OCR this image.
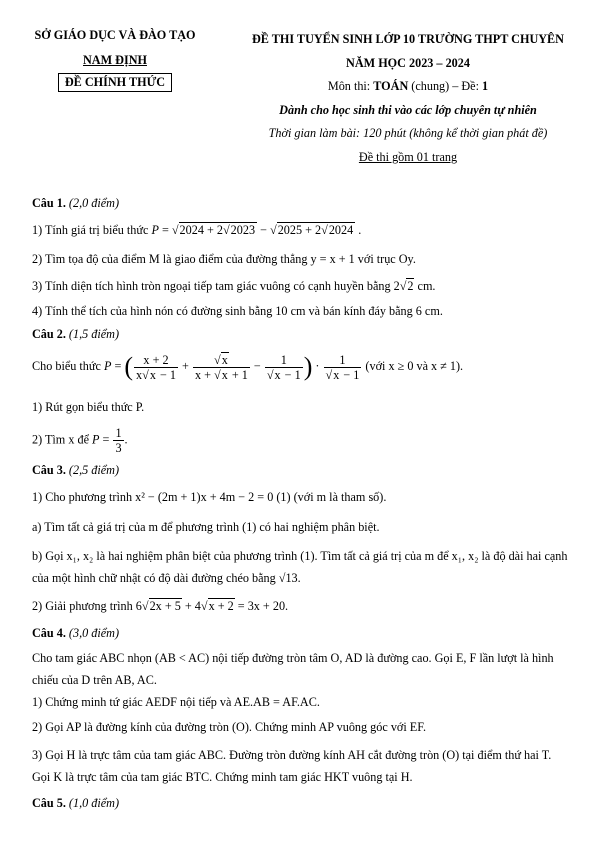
SỞ GIÁO DỤC VÀ ĐÀO TẠO
NAM ĐỊNH
ĐỀ CHÍNH THỨC
ĐỀ THI TUYỂN SINH LỚP 10 TRƯỜNG THPT CHUYÊN
NĂM HỌC 2023 – 2024
Môn thi: TOÁN (chung) – Đề: 1
Dành cho học sinh thi vào các lớp chuyên tự nhiên
Thời gian làm bài: 120 phút (không kể thời gian phát đề)
Đề thi gồm 01 trang
Câu 1. (2,0 điểm)
1) Tính giá trị biểu thức P = √2024 + 2√2023 − √2025 + 2√2024 .
2) Tìm tọa độ của điểm M là giao điểm của đường thẳng y = x + 1 với trục Oy.
3) Tính diện tích hình tròn ngoại tiếp tam giác vuông có cạnh huyền bằng 2√2 cm.
4) Tính thể tích của hình nón có đường sinh bằng 10 cm và bán kính đáy bằng 6 cm.
Câu 2. (1,5 điểm)
Cho biểu thức P = ( $\frac{x + 2}{x√x - 1} + \frac{√x}{x + √x + 1} - \frac{1}{√x - 1}$ ) · $\frac{1}{√x - 1}$ (với x ≥ 0 và x ≠ 1).
1) Rút gọn biểu thức P.
2) Tìm x để $P = \frac{1}{3}$ .
Câu 3. (2,5 điểm)
1) Cho phương trình x² − (2m + 1)x + 4m − 2 = 0 (1) (với m là tham số).
a) Tìm tất cả giá trị của m để phương trình (1) có hai nghiệm phân biệt.
b) Gọi x₁, x₂ là hai nghiệm phân biệt của phương trình (1). Tìm tất cả giá trị của m để x₁, x₂ là độ dài hai cạnh của một hình chữ nhật có độ dài đường chéo bằng √13.
2) Giải phương trình 6√2x + 5 + 4√x + 2 = 3x + 20.
Câu 4. (3,0 điểm)
Cho tam giác ABC nhọn (AB < AC) nội tiếp đường tròn tâm O, AD là đường cao. Gọi E, F lần lượt là hình chiếu của D trên AB, AC.
1) Chứng minh tứ giác AEDF nội tiếp và AE.AB = AF.AC.
2) Gọi AP là đường kính của đường tròn (O). Chứng minh AP vuông góc với EF.
3) Gọi H là trực tâm của tam giác ABC. Đường tròn đường kính AH cắt đường tròn (O) tại điểm thứ hai T. Gọi K là trực tâm của tam giác BTC. Chứng minh tam giác HKT vuông tại H.
Câu 5. (1,0 điểm)
